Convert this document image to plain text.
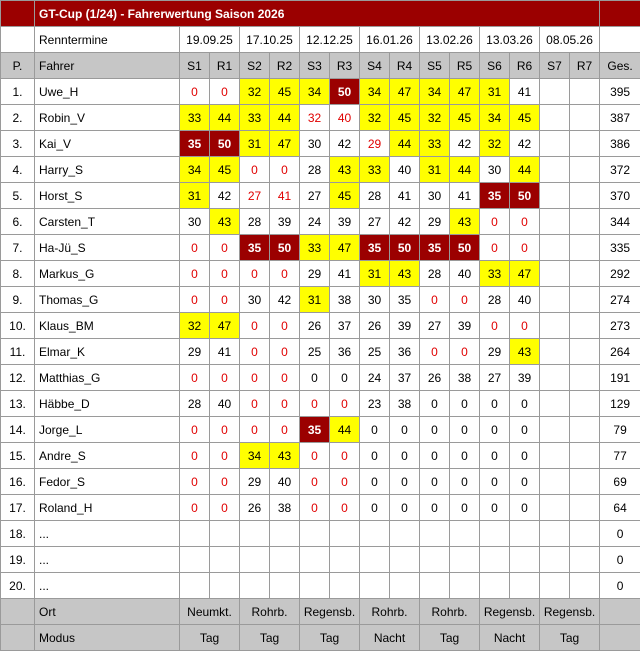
	GT-Cup (1/24) - Fahrerwertung Saison 2026															
	Renntermine	19.09.25		17.10.25		12.12.25		16.01.26		13.02.26		13.03.26		08.05.26		
P.	Fahrer	S1	R1	S2	R2	S3	R3	S4	R4	S5	R5	S6	R6	S7	R7	Ges.
1.	Uwe_H	0	0	32	45	34	50	34	47	34	47	31	41			395
2.	Robin_V	33	44	33	44	32	40	32	45	32	45	34	45			387
3.	Kai_V	35	50	31	47	30	42	29	44	33	42	32	42			386
4.	Harry_S	34	45	0	0	28	43	33	40	31	44	30	44			372
5.	Horst_S	31	42	27	41	27	45	28	41	30	41	35	50			370
6.	Carsten_T	30	43	28	39	24	39	27	42	29	43	0	0			344
7.	Ha-Jü_S	0	0	35	50	33	47	35	50	35	50	0	0			335
8.	Markus_G	0	0	0	0	29	41	31	43	28	40	33	47			292
9.	Thomas_G	0	0	30	42	31	38	30	35	0	0	28	40			274
10.	Klaus_BM	32	47	0	0	26	37	26	39	27	39	0	0			273
11.	Elmar_K	29	41	0	0	25	36	25	36	0	0	29	43			264
12.	Matthias_G	0	0	0	0	0	0	24	37	26	38	27	39			191
13.	Häbbe_D	28	40	0	0	0	0	23	38	0	0	0	0			129
14.	Jorge_L	0	0	0	0	35	44	0	0	0	0	0	0			79
15.	Andre_S	0	0	34	43	0	0	0	0	0	0	0	0			77
16.	Fedor_S	0	0	29	40	0	0	0	0	0	0	0	0			69
17.	Roland_H	0	0	26	38	0	0	0	0	0	0	0	0			64
18.	...															0
19.	...															0
20.	...															0
	Ort	Neumkt.		Rohrb.		Regensb.		Rohrb.		Rohrb.		Regensb.		Regensb.		
	Modus	Tag		Tag		Tag		Nacht		Tag		Nacht		Tag		
